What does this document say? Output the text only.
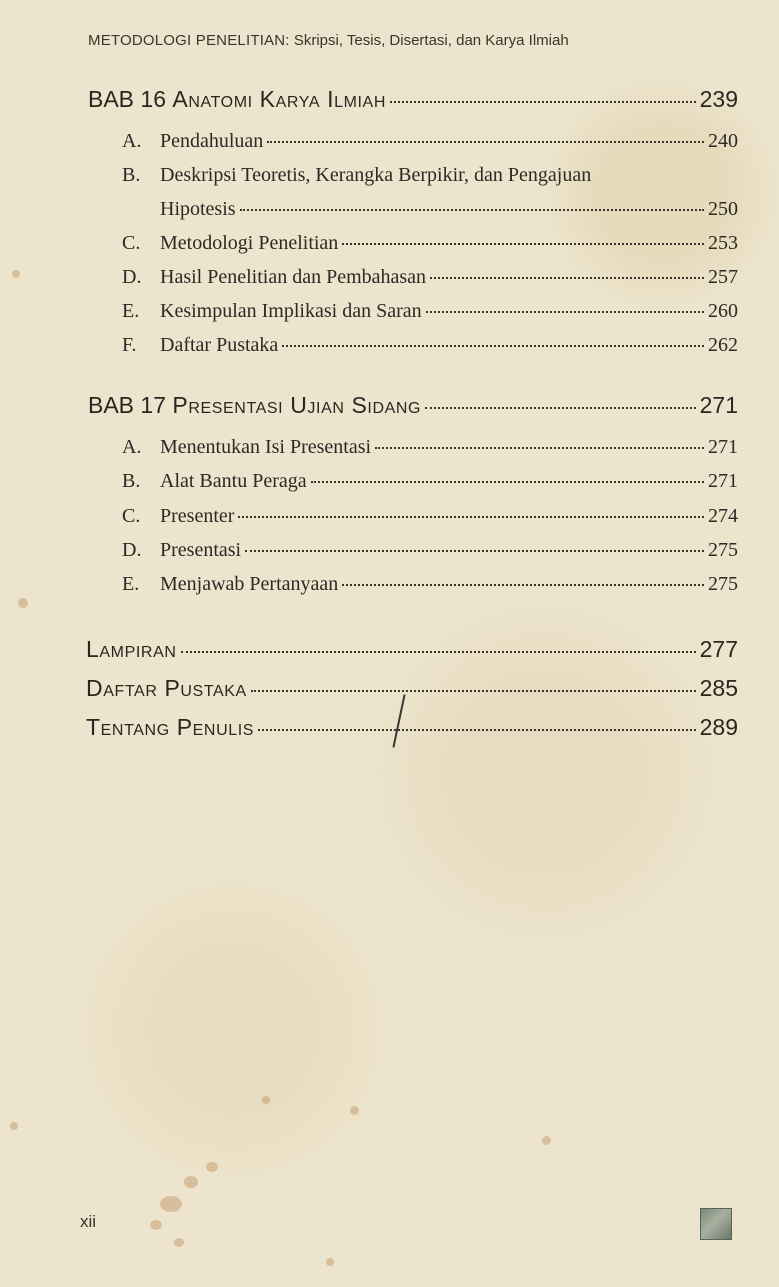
METODOLOGI PENELITIAN: Skripsi, Tesis, Disertasi, dan Karya Ilmiah
BAB 16
Anatomi Karya Ilmiah	239
A. Pendahuluan	240
B. Deskripsi Teoretis, Kerangka Berpikir, dan Pengajuan
Hipotesis	250
C. Metodologi Penelitian	253
D. Hasil Penelitian dan Pembahasan	257
E.	Kesimpulan Implikasi dan Saran	260
F.	Daftar Pustaka	262
BAB 17
Presentasi Ujian Sidang	271
A. Menentukan Isi Presentasi	271
B. Alat Bantu Peraga	271
C. Presenter	274
D. Presentasi	275
E.	Menjawab Pertanyaan	275
Lampiran	277
Daftar Pustaka	285
Tentang Penulis	289
xii
